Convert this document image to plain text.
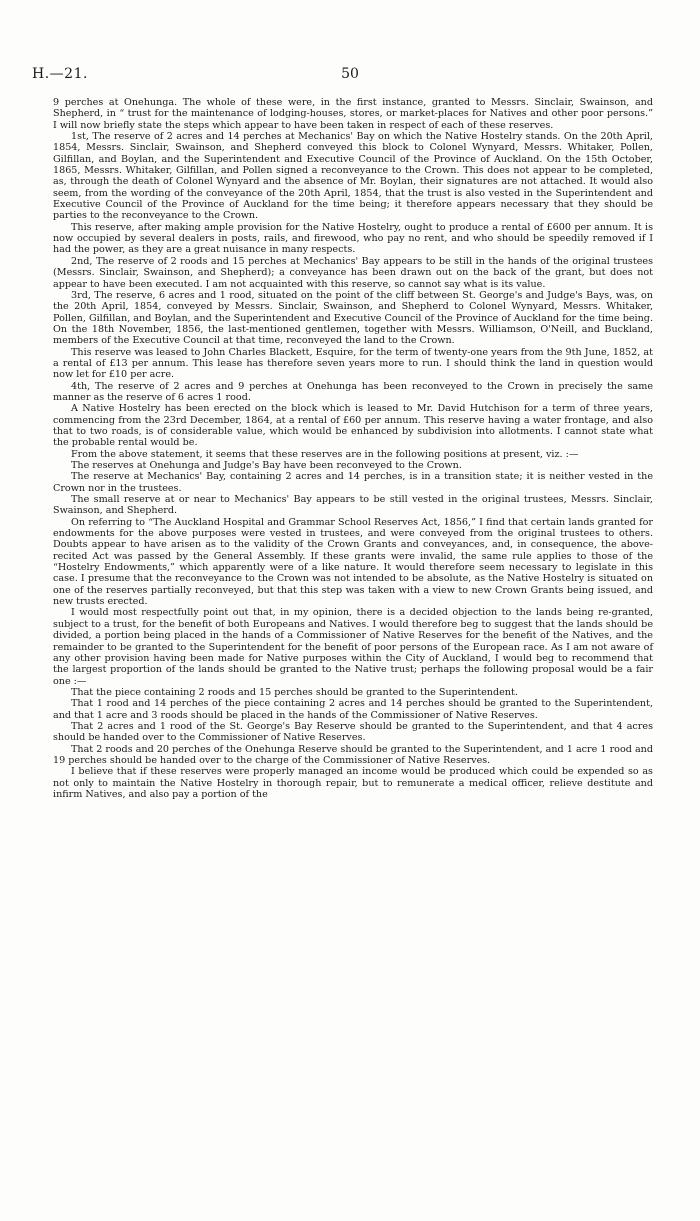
H.—21.	50

9 perches at Onehunga. The whole of these were, in the first instance, granted to Messrs. Sinclair, Swainson, and Shepherd, in “ trust for the maintenance of lodging-houses, stores, or market-places for Natives and other poor persons.” I will now briefly state the steps which appear to have been taken in respect of each of these reserves.

1st, The reserve of 2 acres and 14 perches at Mechanics' Bay on which the Native Hostelry stands. On the 20th April, 1854, Messrs. Sinclair, Swainson, and Shepherd conveyed this block to Colonel Wynyard, Messrs. Whitaker, Pollen, Gilfillan, and Boylan, and the Superintendent and Executive Council of the Province of Auckland. On the 15th October, 1865, Messrs. Whitaker, Gilfillan, and Pollen signed a reconveyance to the Crown. This does not appear to be completed, as, through the death of Colonel Wynyard and the absence of Mr. Boylan, their signatures are not attached. It would also seem, from the wording of the conveyance of the 20th April, 1854, that the trust is also vested in the Superintendent and Executive Council of the Province of Auckland for the time being; it therefore appears necessary that they should be parties to the reconveyance to the Crown.

This reserve, after making ample provision for the Native Hostelry, ought to produce a rental of £600 per annum. It is now occupied by several dealers in posts, rails, and firewood, who pay no rent, and who should be speedily removed if I had the power, as they are a great nuisance in many respects.

2nd, The reserve of 2 roods and 15 perches at Mechanics' Bay appears to be still in the hands of the original trustees (Messrs. Sinclair, Swainson, and Shepherd); a conveyance has been drawn out on the back of the grant, but does not appear to have been executed. I am not acquainted with this reserve, so cannot say what is its value.

3rd, The reserve, 6 acres and 1 rood, situated on the point of the cliff between St. George's and Judge's Bays, was, on the 20th April, 1854, conveyed by Messrs. Sinclair, Swainson, and Shepherd to Colonel Wynyard, Messrs. Whitaker, Pollen, Gilfillan, and Boylan, and the Superintendent and Executive Council of the Province of Auckland for the time being. On the 18th November, 1856, the last-mentioned gentlemen, together with Messrs. Williamson, O'Neill, and Buckland, members of the Executive Council at that time, reconveyed the land to the Crown.

This reserve was leased to John Charles Blackett, Esquire, for the term of twenty-one years from the 9th June, 1852, at a rental of £13 per annum. This lease has therefore seven years more to run. I should think the land in question would now let for £10 per acre.

4th, The reserve of 2 acres and 9 perches at Onehunga has been reconveyed to the Crown in precisely the same manner as the reserve of 6 acres 1 rood.

A Native Hostelry has been erected on the block which is leased to Mr. David Hutchison for a term of three years, commencing from the 23rd December, 1864, at a rental of £60 per annum. This reserve having a water frontage, and also that to two roads, is of considerable value, which would be enhanced by subdivision into allotments. I cannot state what the probable rental would be.

From the above statement, it seems that these reserves are in the following positions at present, viz. :—

The reserves at Onehunga and Judge's Bay have been reconveyed to the Crown.

The reserve at Mechanics' Bay, containing 2 acres and 14 perches, is in a transition state; it is neither vested in the Crown nor in the trustees.

The small reserve at or near to Mechanics' Bay appears to be still vested in the original trustees, Messrs. Sinclair, Swainson, and Shepherd.

On referring to “The Auckland Hospital and Grammar School Reserves Act, 1856,” I find that certain lands granted for endowments for the above purposes were vested in trustees, and were conveyed from the original trustees to others. Doubts appear to have arisen as to the validity of the Crown Grants and conveyances, and, in consequence, the above-recited Act was passed by the General Assembly. If these grants were invalid, the same rule applies to those of the “Hostelry Endowments,” which apparently were of a like nature. It would therefore seem necessary to legislate in this case. I presume that the reconveyance to the Crown was not intended to be absolute, as the Native Hostelry is situated on one of the reserves partially reconveyed, but that this step was taken with a view to new Crown Grants being issued, and new trusts erected.

I would most respectfully point out that, in my opinion, there is a decided objection to the lands being re-granted, subject to a trust, for the benefit of both Europeans and Natives. I would therefore beg to suggest that the lands should be divided, a portion being placed in the hands of a Commissioner of Native Reserves for the benefit of the Natives, and the remainder to be granted to the Superintendent for the benefit of poor persons of the European race. As I am not aware of any other provision having been made for Native purposes within the City of Auckland, I would beg to recommend that the largest proportion of the lands should be granted to the Native trust; perhaps the following proposal would be a fair one :—

That the piece containing 2 roods and 15 perches should be granted to the Superintendent.

That 1 rood and 14 perches of the piece containing 2 acres and 14 perches should be granted to the Superintendent, and that 1 acre and 3 roods should be placed in the hands of the Commissioner of Native Reserves.

That 2 acres and 1 rood of the St. George's Bay Reserve should be granted to the Superintendent, and that 4 acres should be handed over to the Commissioner of Native Reserves.

That 2 roods and 20 perches of the Onehunga Reserve should be granted to the Superintendent, and 1 acre 1 rood and 19 perches should be handed over to the charge of the Commissioner of Native Reserves.

I believe that if these reserves were properly managed an income would be produced which could be expended so as not only to maintain the Native Hostelry in thorough repair, but to remunerate a medical officer, relieve destitute and infirm Natives, and also pay a portion of the
